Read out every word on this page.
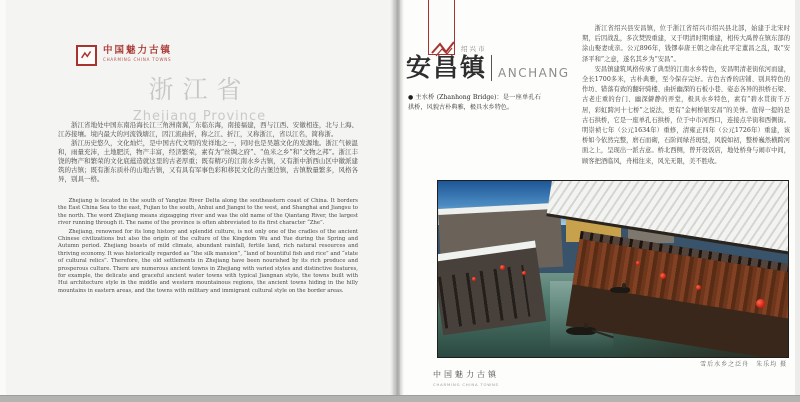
中国魅力古镇
CHARMING CHINA TOWNS
浙江省
Zhejiang Province

浙江省地处中国东南沿海长江三角洲南翼，东临东海，南接福建，西与江西、安徽相连，北与上海、江苏接壤。境内最大的河流钱塘江，因江流曲折，称之江、折江，又称浙江，省以江名，简称浙。

浙江历史悠久，文化灿烂，是中国古代文明的发祥地之一，同时也是吴越文化的发源地。浙江气候温和，雨量充沛，土地肥沃，物产丰富，经济繁荣，素有为“丝绸之府”、“鱼米之乡”和“文物之邦”。浙江丰饶的物产和繁荣的文化底蕴造就这里的古老厚重；既有精巧的江南水乡古镇，又有浙中浙西山区中徽派建筑的古镇；既有浙东质朴的山地古镇，又有具有军事色彩和移民文化的古堡边镇，古镇数量繁多，风格各异，别具一格。

Zhejiang is located in the south of Yangtze River Delta along the southeastern coast of China. It borders the East China Sea to the east, Fujian to the south, Anhui and Jiangxi to the west, and Shanghai and Jiangsu to the north. The word Zhejiang means zigzagging river and was the old name of the Qiantang River, the largest river running through it. The name of the province is often abbreviated to its first character “Zhe”.

Zhejiang, renowned for its long history and splendid culture, is not only one of the cradles of the ancient Chinese civilizations but also the origin of the culture of the Kingdom Wu and Yue during the Spring and Autumn period. Zhejiang boasts of mild climate, abundant rainfall, fertile land, rich natural resources and thriving economy. It was historically regarded as “the silk mansion”, “land of bountiful fish and rice” and “state of cultural relics”. Therefore, the old settlements in Zhejiang have been nourished by its rich produce and prosperous culture. There are numerous ancient towns in Zhejiang with varied styles and distinctive features, for example, the delicate and graceful ancient water towns with typical Jiangnan style, the towns built with Hui architecture style in the middle and western mountainous regions, the ancient towns hiding in the hilly mountains in eastern areas, and the towns with military and immigrant cultural style on the border areas.

绍兴市
安昌镇 ANCHANG
● 主水桥 (Zhanhong Bridge)：是一座单孔石拱桥，风貌古朴典雅，极具水乡特色。

浙江省绍兴县安昌镇，位于浙江省绍兴市绍兴县北部，始建于北宋时期，后因战乱，多次焚毁重建，又于明清时期重建，相传大禹曾在镇东部的涂山娶妻成亲。公元896年，钱镠奉唐王朝之命在此平定董昌之乱，取“安泽平和”之意，遂名其乡为“安昌”。

安昌镇建筑风格传承了典型的江南水乡特色，安昌明清老街依河而建，全长1700多米，古朴典雅，至今保存完好。古色古香的店铺、别具特色的作坊、错落有致的翻轩骑楼、曲折幽深的石板小巷、姿态各异的拱桥石梁、古老庄重的台门、幽深僻静的弄堂，极具水乡特色，素有“碧水贯街千万居，彩虹跨河十七桥”之说法，更有“金柯桥银安昌”的美誉。值得一提的是古石拱桥，它是一座单孔石拱桥，位于中市河西口，连接点半街和西侧街。明崇祯七年（公元1634年）重修，清雍正四年（公元1726年）重建，该桥如今依然完整，磨石而砌，石阶间绿苔斑驳，风貌如初，整桥巍然横跨河面之上，呈现出一派古意。桥北西侧，曾开设饭店，地处桥身与闹市中间，顾客把酒临风，舟楫往来，风光无限，美不胜收。

雪后水乡之泛舟　朱乐均 摄
中国魅力古镇
CHARMING CHINA TOWNS
